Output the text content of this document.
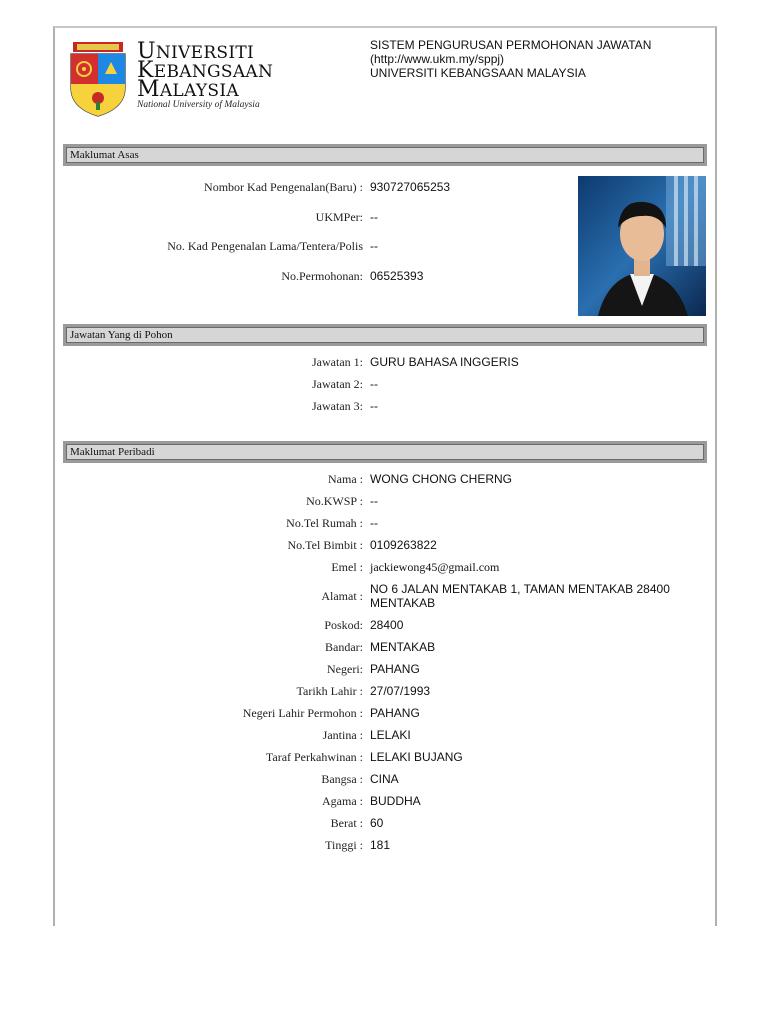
UNIVERSITI
KEBANGSAAN
MALAYSIA
National University of Malaysia
SISTEM PENGURUSAN PERMOHONAN JAWATAN
(http://www.ukm.my/sppj)
UNIVERSITI KEBANGSAAN MALAYSIA
Maklumat Asas
Nombor Kad Pengenalan(Baru) : 930727065253
UKMPer: --
No. Kad Pengenalan Lama/Tentera/Polis --
No.Permohonan: 06525393
Jawatan Yang di Pohon
Jawatan 1: GURU BAHASA INGGERIS
Jawatan 2: --
Jawatan 3: --
Maklumat Peribadi
Nama : WONG CHONG CHERNG
No.KWSP : --
No.Tel Rumah : --
No.Tel Bimbit : 0109263822
Emel : jackiewong45@gmail.com
Alamat : NO 6 JALAN MENTAKAB 1, TAMAN MENTAKAB 28400
MENTAKAB
Poskod: 28400
Bandar: MENTAKAB
Negeri: PAHANG
Tarikh Lahir : 27/07/1993
Negeri Lahir Permohon : PAHANG
Jantina : LELAKI
Taraf Perkahwinan : LELAKI BUJANG
Bangsa : CINA
Agama : BUDDHA
Berat : 60
Tinggi : 181
